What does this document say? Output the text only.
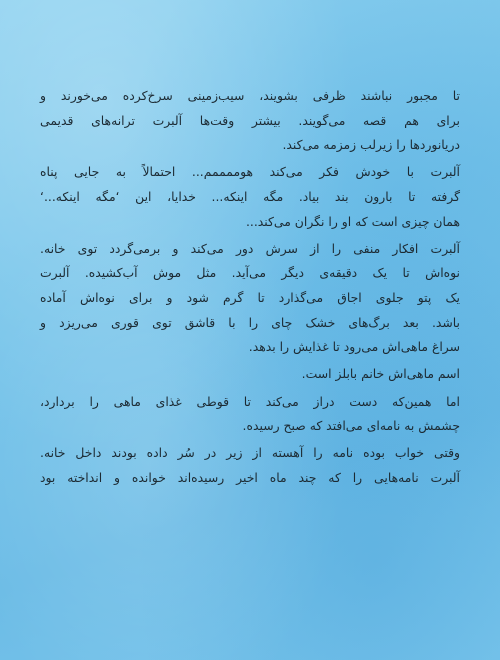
تا مجبور نباشند ظرفی بشویند، سیب‌زمینی سرخ‌کرده می‌خورند و
برای هم قصه می‌گویند. بیشتر وقت‌ها آلبرت ترانه‌های قدیمی
دریانوردها را زیرلب زمزمه می‌کند.

آلبرت با خودش فکر می‌کند هوممممم... احتمالاً به جایی پناه
گرفته تا بارون بند بیاد. مگه اینکه... خدایا، این ‘مگه اینکه...‘
همان چیزی است که او را نگران می‌کند...

آلبرت افکار منفی را از سرش دور می‌کند و برمی‌گردد توی خانه.
نوه‌اش تا یک دقیقه‌ی دیگر می‌آید. مثل موش آب‌کشیده. آلبرت
یک پتو جلوی اجاق می‌گذارد تا گرم شود و برای نوه‌اش آماده
باشد. بعد برگ‌های خشک چای را با قاشق توی قوری می‌ریزد و
سراغ ماهی‌اش می‌رود تا غذایش را بدهد.

اسم ماهی‌اش خانم بابلز است.

اما همین‌که دست دراز می‌کند تا قوطی غذای ماهی را بردارد،
چشمش به نامه‌ای می‌افتد که صبح رسیده.

وقتی خواب بوده نامه را آهسته از زیر در سُر داده بودند داخل خانه.
آلبرت نامه‌هایی را که چند ماه اخیر رسیده‌اند خوانده و انداخته بود
